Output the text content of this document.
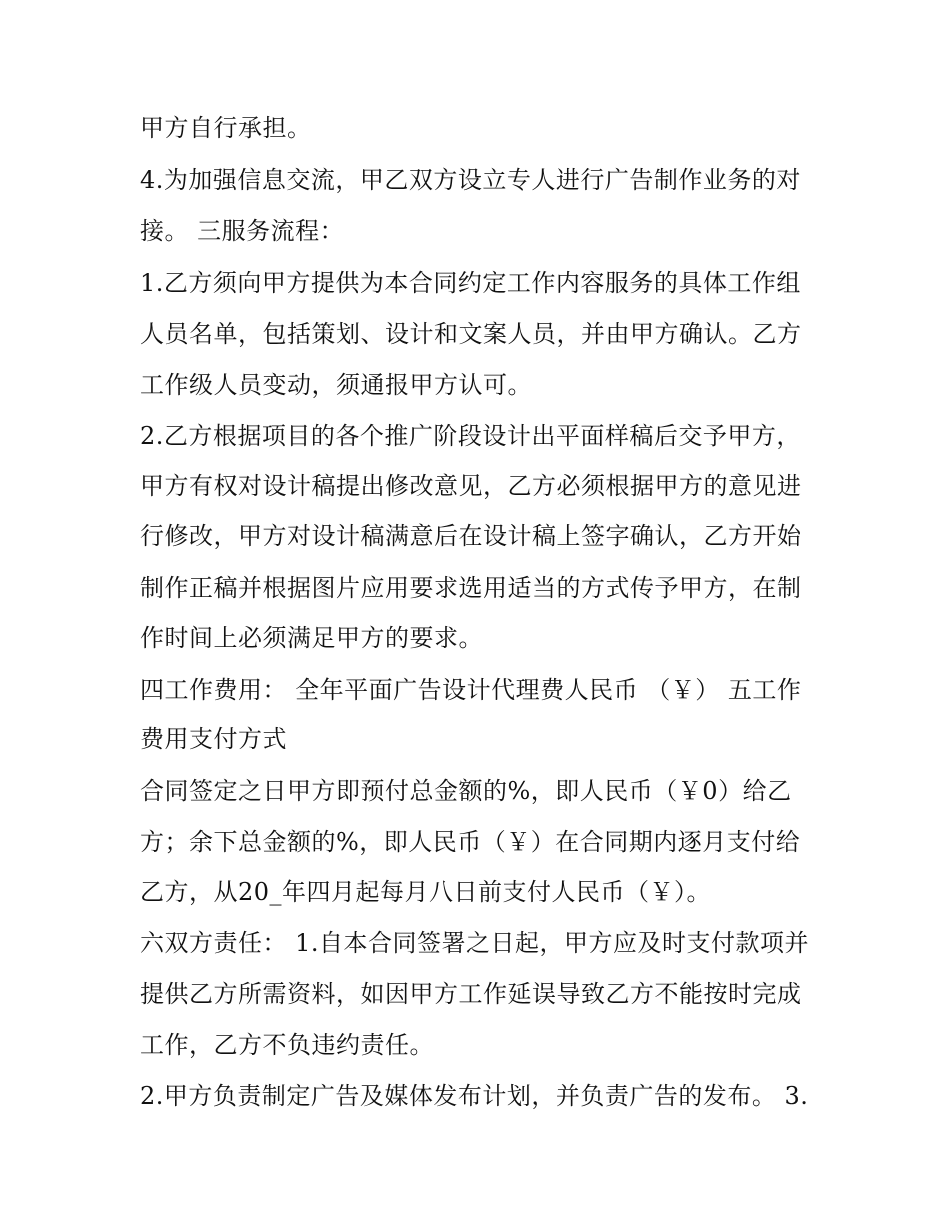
甲方自行承担。
4.为加强信息交流，甲乙双方设立专人进行广告制作业务的对
接。 三服务流程：
1.乙方须向甲方提供为本合同约定工作内容服务的具体工作组
人员名单，包括策划、设计和文案人员，并由甲方确认。乙方
工作级人员变动，须通报甲方认可。
2.乙方根据项目的各个推广阶段设计出平面样稿后交予甲方，
甲方有权对设计稿提出修改意见，乙方必须根据甲方的意见进
行修改，甲方对设计稿满意后在设计稿上签字确认，乙方开始
制作正稿并根据图片应用要求选用适当的方式传予甲方，在制
作时间上必须满足甲方的要求。
四工作费用： 全年平面广告设计代理费人民币 （￥） 五工作
费用支付方式
合同签定之日甲方即预付总金额的%，即人民币（￥0）给乙
方；余下总金额的%，即人民币（￥）在合同期内逐月支付给
乙方，从20_年四月起每月八日前支付人民币（￥）。
六双方责任： 1.自本合同签署之日起，甲方应及时支付款项并
提供乙方所需资料，如因甲方工作延误导致乙方不能按时完成
工作，乙方不负违约责任。
2.甲方负责制定广告及媒体发布计划，并负责广告的发布。 3.
